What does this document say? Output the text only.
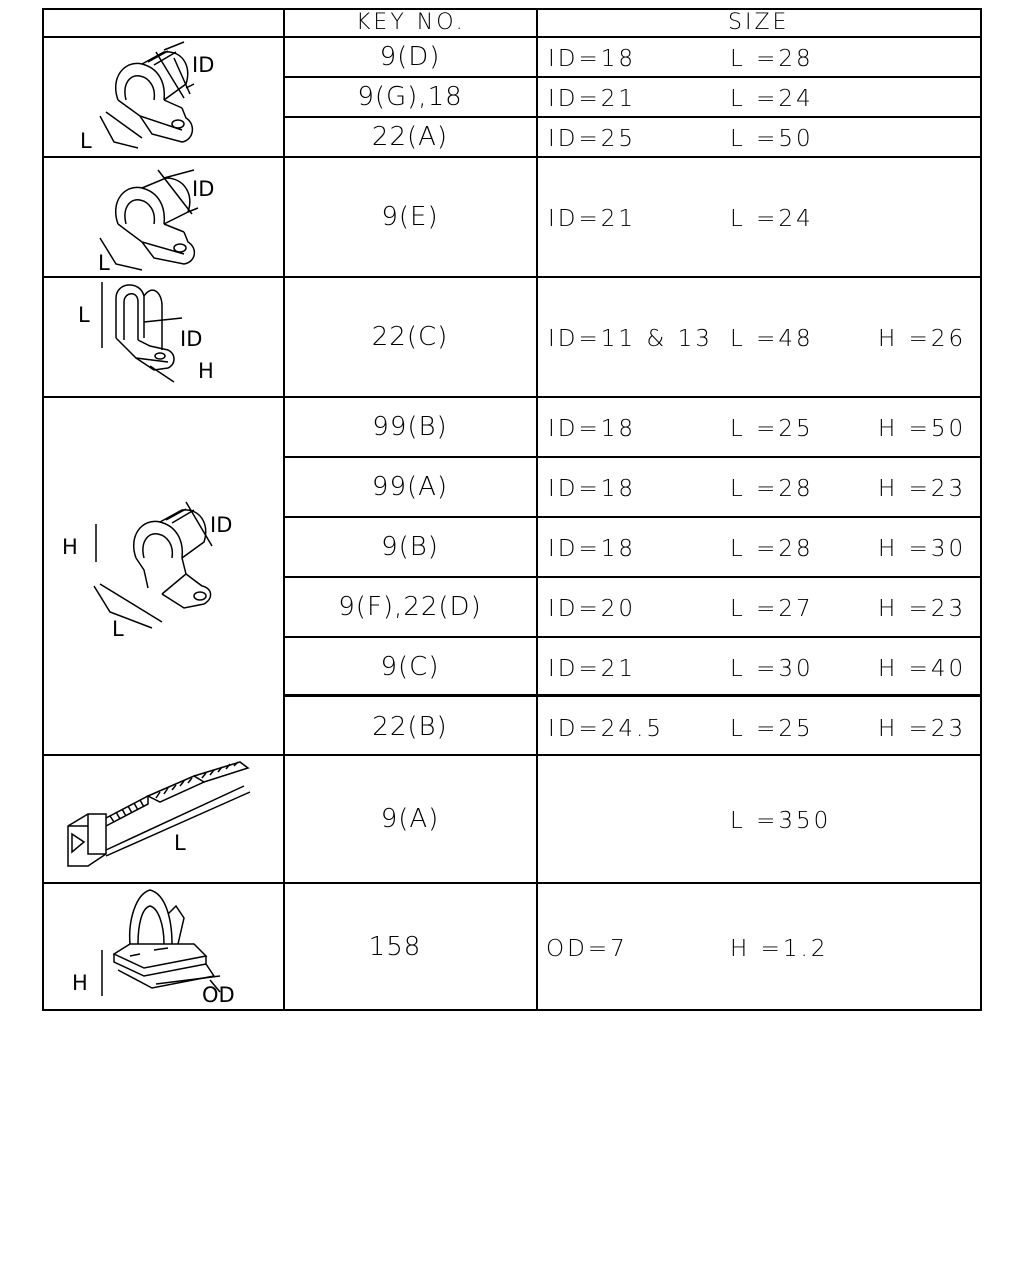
KEY NO.	SIZE
9(D)
9(G),18
22(A)
9(E)
22(C)
99(B)
99(A)
9(B)
9(F),22(D)
9(C)
22(B)
9(A)
158
ID=18
ID=21
ID=25
ID=21
ID=11 & 13
ID=18
ID=18
ID=18
ID=20
ID=21
ID=24.5
OD=7
L =28
L =24
L =50
L =24
L =48
L =25
L =28
L =28
L =27
L =30
L =25
L =350
H =26
H =50
H =23
H =30
H =23
H =40
H =23
H =1.2
ID
L
ID
L
L
ID
H
H
ID
L
L
H	OD
